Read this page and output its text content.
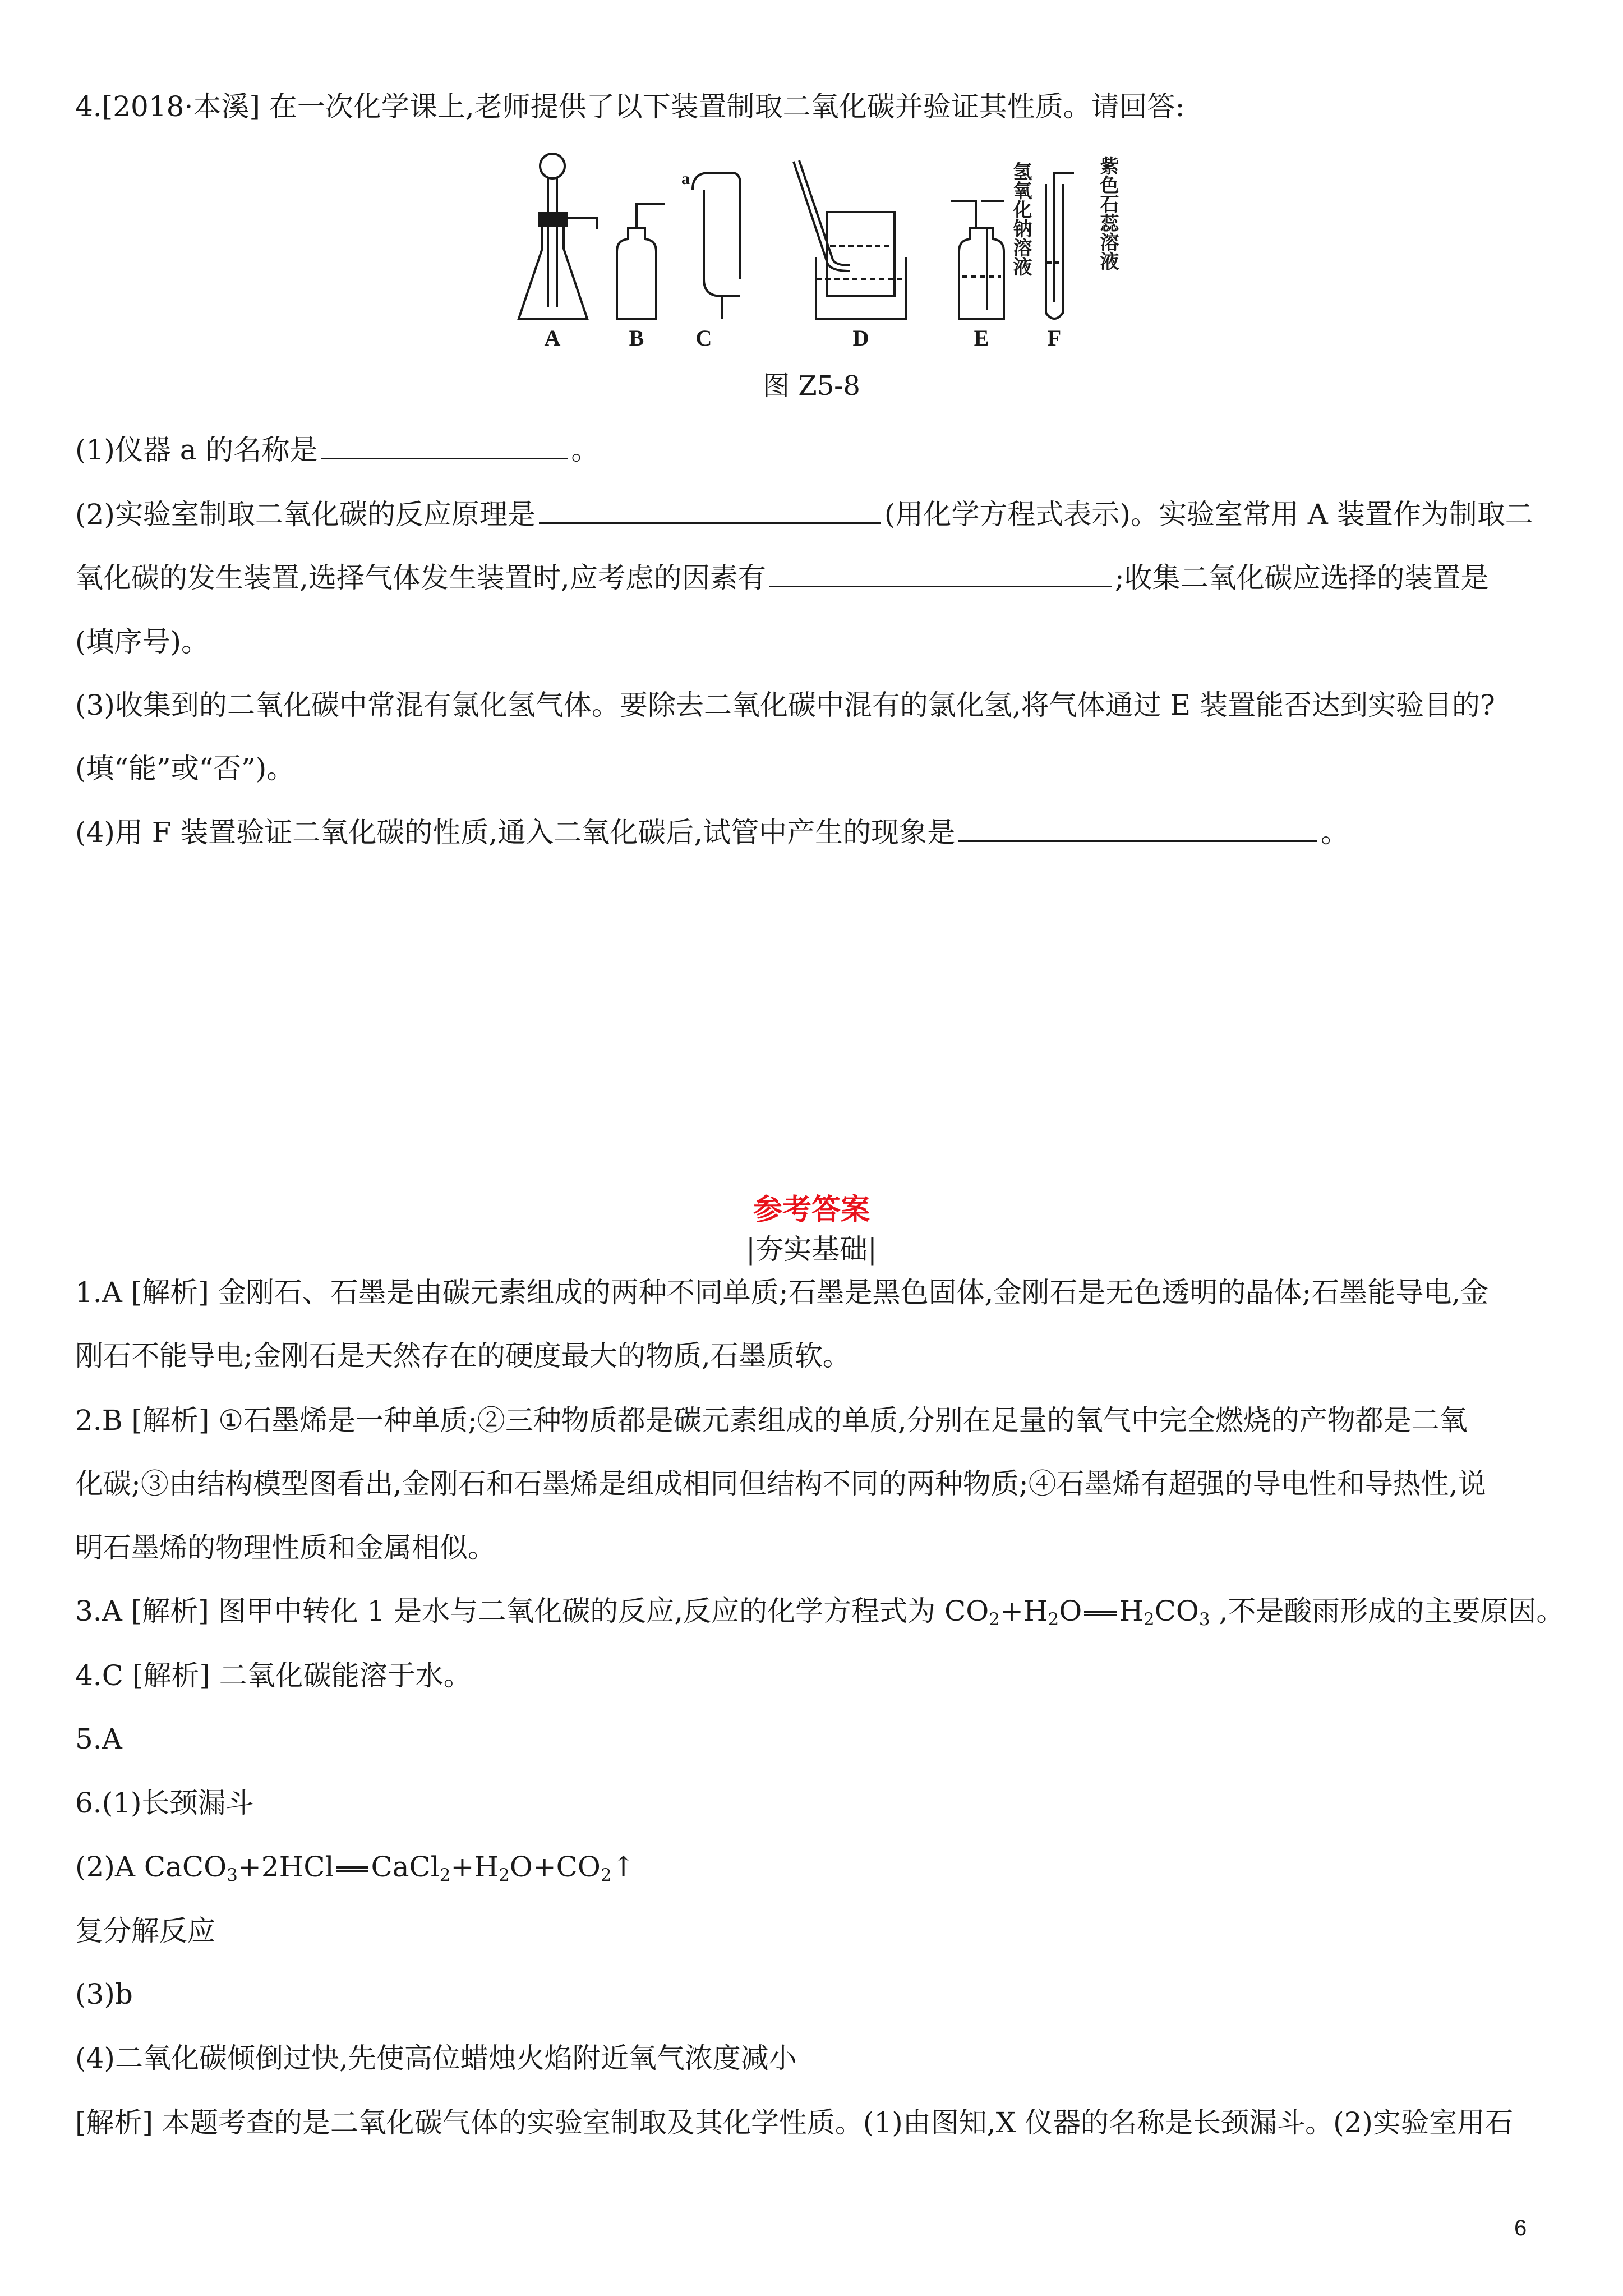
4.[2018·本溪] 在一次化学课上,老师提供了以下装置制取二氧化碳并验证其性质。请回答:
A	B C	D	E	F
a	氢氧化钠溶液	紫色石蕊溶液
图 Z5-8
(1)仪器 a 的名称是	。
(2)实验室制取二氧化碳的反应原理是	(用化学方程式表示)。实验室常用 A 装置作为制取二
氧化碳的发生装置,选择气体发生装置时,应考虑的因素有	;收集二氧化碳应选择的装置是
(填序号)。
(3)收集到的二氧化碳中常混有氯化氢气体。要除去二氧化碳中混有的氯化氢,将气体通过 E 装置能否达到实验目的?
(填“能”或“否”)。
(4)用 F 装置验证二氧化碳的性质,通入二氧化碳后,试管中产生的现象是	。
参考答案
|夯实基础|
1.A [解析] 金刚石、石墨是由碳元素组成的两种不同单质;石墨是黑色固体,金刚石是无色透明的晶体;石墨能导电,金
刚石不能导电;金刚石是天然存在的硬度最大的物质,石墨质软。
2.B [解析] ①石墨烯是一种单质;②三种物质都是碳元素组成的单质,分别在足量的氧气中完全燃烧的产物都是二氧
化碳;③由结构模型图看出,金刚石和石墨烯是组成相同但结构不同的两种物质;④石墨烯有超强的导电性和导热性,说
明石墨烯的物理性质和金属相似。
3.A [解析] 图甲中转化 1 是水与二氧化碳的反应,反应的化学方程式为 $CO_2+H_2O$ $H_2CO_3$ ,不是酸雨形成的主要原因。
4.C [解析] 二氧化碳能溶于水。
5.A
6.(1)长颈漏斗
(2)A CaCO$_3$+2HCl $CaCl_2+H_2O+CO_2↑$
复分解反应
(3)b
(4)二氧化碳倾倒过快,先使高位蜡烛火焰附近氧气浓度减小
[解析] 本题考查的是二氧化碳气体的实验室制取及其化学性质。(1)由图知,X 仪器的名称是长颈漏斗。(2)实验室用石
6
